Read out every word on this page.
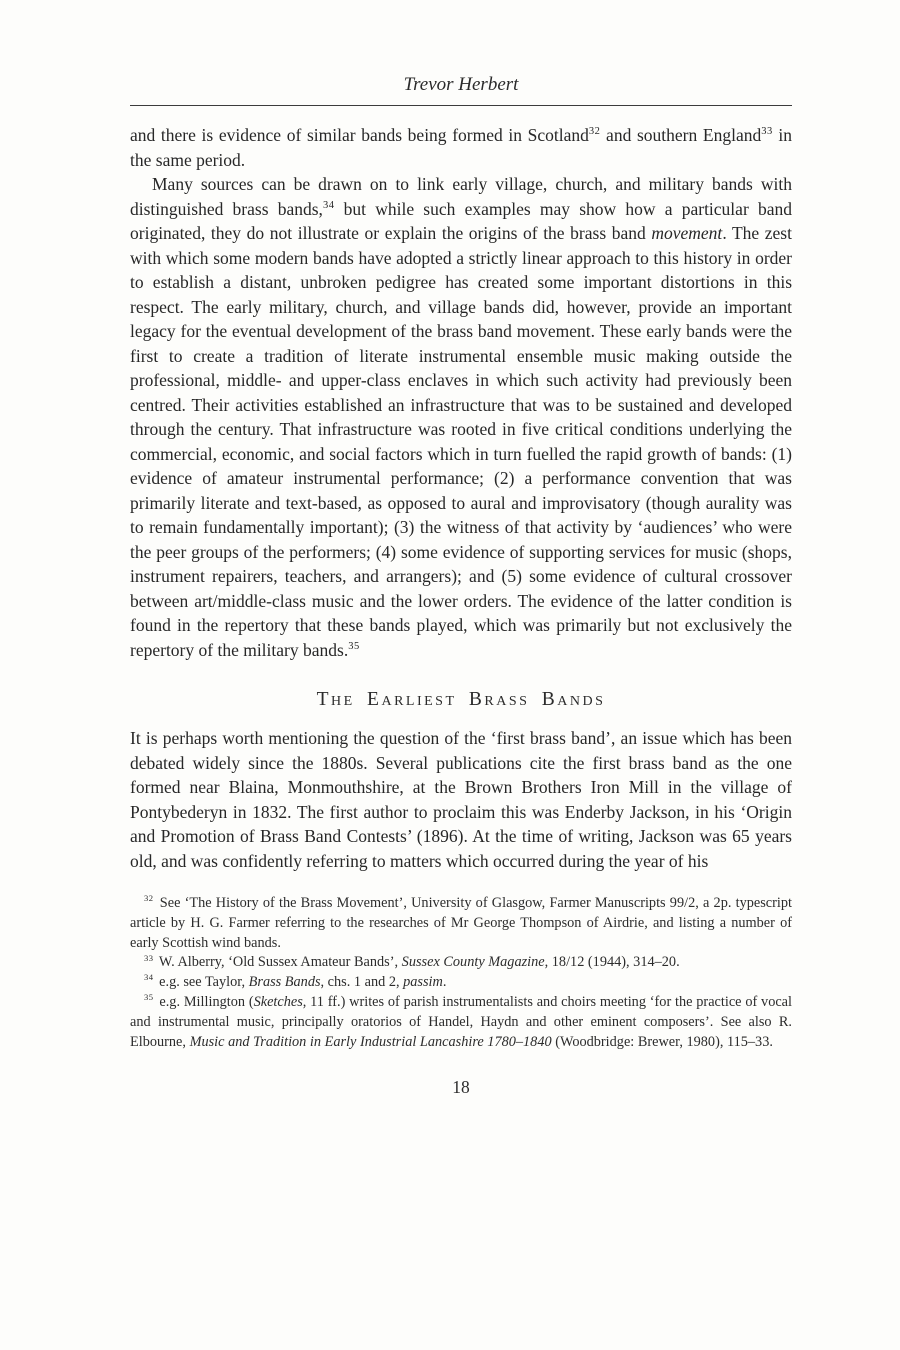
Trevor Herbert

and there is evidence of similar bands being formed in Scotland$^{32}$ and southern England$^{33}$ in the same period.

Many sources can be drawn on to link early village, church, and military bands with distinguished brass bands,$^{34}$ but while such examples may show how a particular band originated, they do not illustrate or explain the origins of the brass band movement. The zest with which some modern bands have adopted a strictly linear approach to this history in order to establish a distant, unbroken pedigree has created some important distortions in this respect. The early military, church, and village bands did, however, provide an important legacy for the eventual development of the brass band movement. These early bands were the first to create a tradition of literate instrumental ensemble music making outside the professional, middle- and upper-class enclaves in which such activity had previously been centred. Their activities established an infrastructure that was to be sustained and developed through the century. That infrastructure was rooted in five critical conditions underlying the commercial, economic, and social factors which in turn fuelled the rapid growth of bands: (1) evidence of amateur instrumental performance; (2) a performance convention that was primarily literate and text-based, as opposed to aural and improvisatory (though aurality was to remain fundamentally important); (3) the witness of that activity by ‘audiences’ who were the peer groups of the performers; (4) some evidence of supporting services for music (shops, instrument repairers, teachers, and arrangers); and (5) some evidence of cultural crossover between art/middle-class music and the lower orders. The evidence of the latter condition is found in the repertory that these bands played, which was primarily but not exclusively the repertory of the military bands.$^{35}$

The Earliest Brass Bands

It is perhaps worth mentioning the question of the ‘first brass band’, an issue which has been debated widely since the 1880s. Several publications cite the first brass band as the one formed near Blaina, Monmouthshire, at the Brown Brothers Iron Mill in the village of Pontybederyn in 1832. The first author to proclaim this was Enderby Jackson, in his ‘Origin and Promotion of Brass Band Contests’ (1896). At the time of writing, Jackson was 65 years old, and was confidently referring to matters which occurred during the year of his

$^{32}$ See ‘The History of the Brass Movement’, University of Glasgow, Farmer Manuscripts 99/2, a 2p. typescript article by H. G. Farmer referring to the researches of Mr George Thompson of Airdrie, and listing a number of early Scottish wind bands.

$^{33}$ W. Alberry, ‘Old Sussex Amateur Bands’, Sussex County Magazine, 18/12 (1944), 314–20.

$^{34}$ e.g. see Taylor, Brass Bands, chs. 1 and 2, passim.

$^{35}$ e.g. Millington (Sketches, 11 ff.) writes of parish instrumentalists and choirs meeting ‘for the practice of vocal and instrumental music, principally oratorios of Handel, Haydn and other eminent composers’. See also R. Elbourne, Music and Tradition in Early Industrial Lancashire 1780–1840 (Woodbridge: Brewer, 1980), 115–33.

18
